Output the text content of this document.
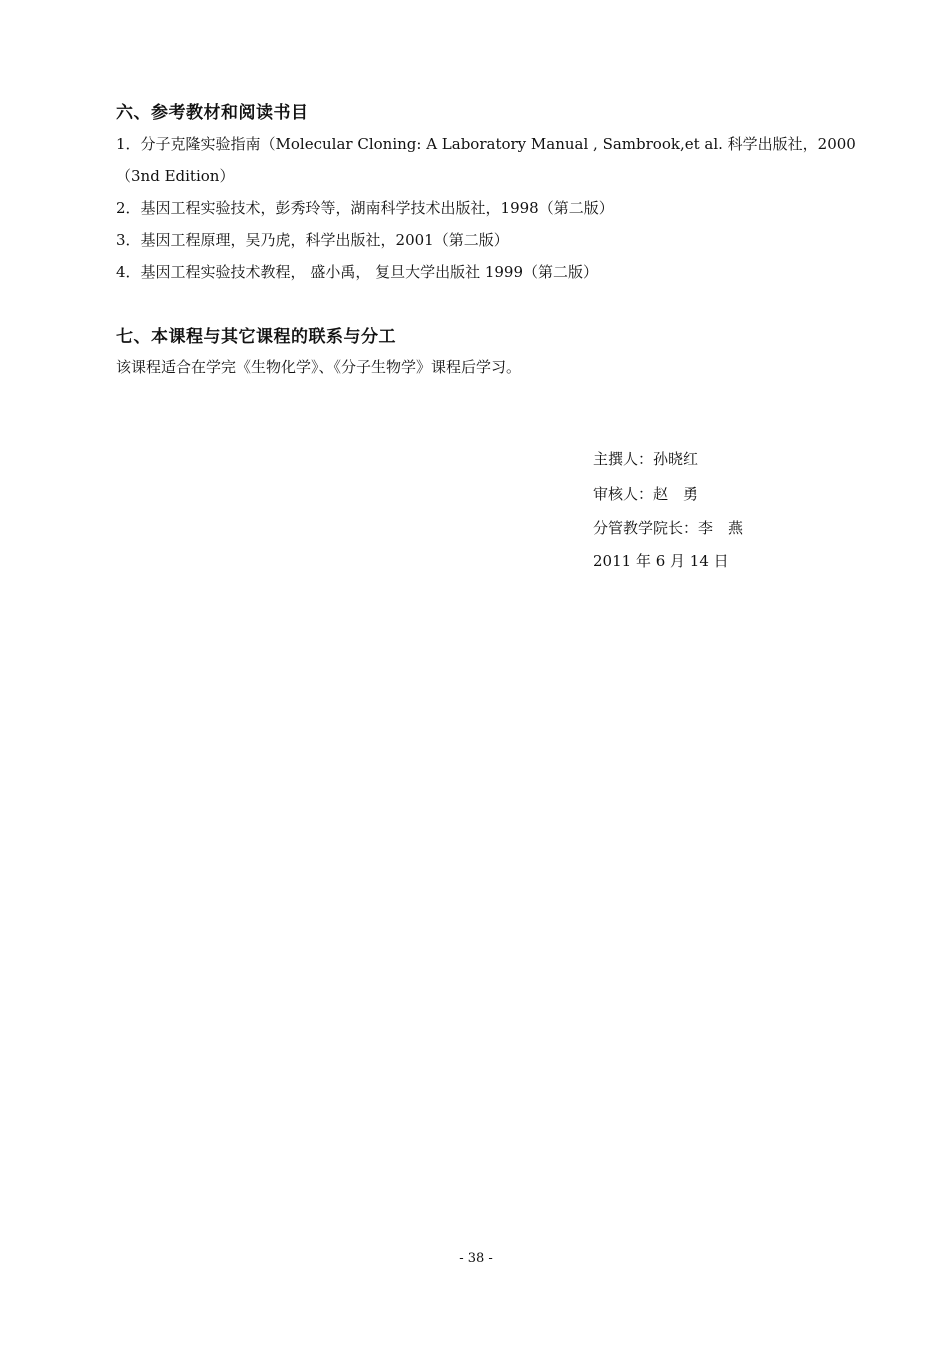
六、参考教材和阅读书目
1．分子克隆实验指南（Molecular Cloning: A Laboratory Manual , Sambrook,et al. 科学出版社，2000
（3nd Edition）
2．基因工程实验技术，彭秀玲等，湖南科学技术出版社，1998（第二版）
3．基因工程原理，吴乃虎，科学出版社，2001（第二版）
4．基因工程实验技术教程， 盛小禹， 复旦大学出版社 1999（第二版）
七、本课程与其它课程的联系与分工
该课程适合在学完《生物化学》、《分子生物学》课程后学习。
主撰人：孙晓红
审核人：赵　勇
分管教学院长：李　燕
2011 年 6 月 14 日
- 38 -
